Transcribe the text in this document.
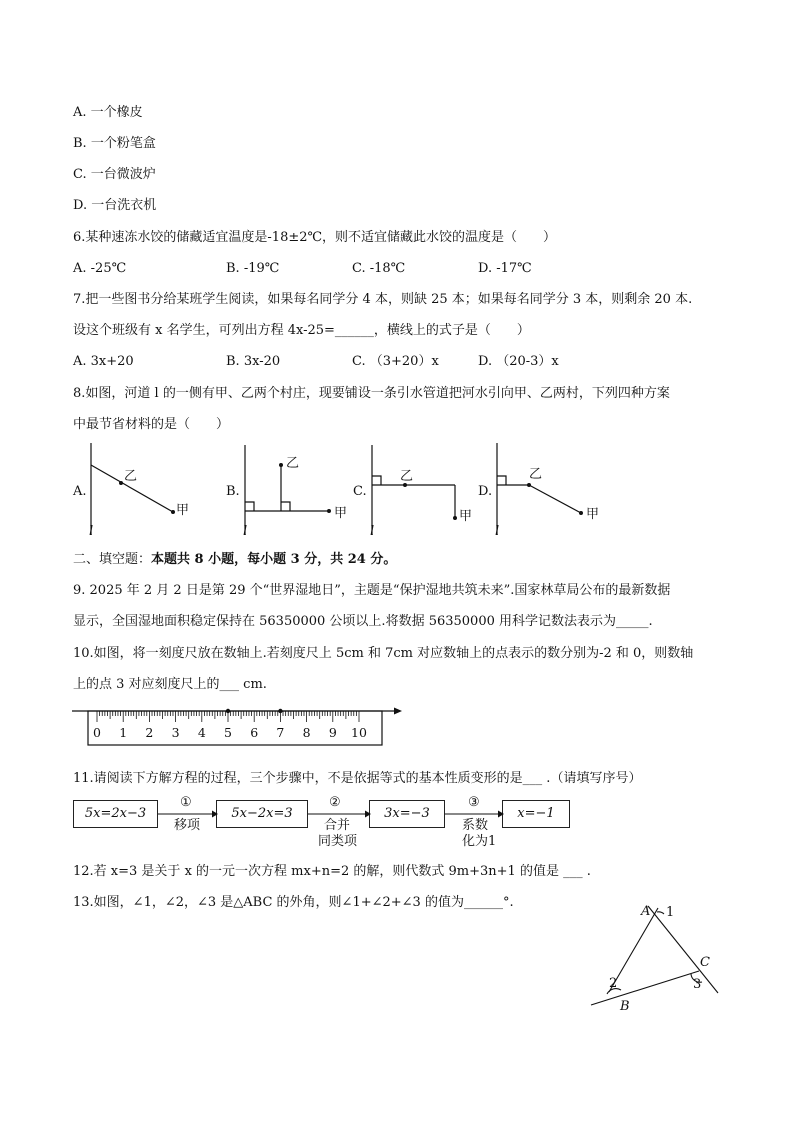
A. 一个橡皮
B. 一个粉笔盒
C. 一台微波炉
D. 一台洗衣机
6.某种速冻水饺的储藏适宜温度是-18±2℃，则不适宜储藏此水饺的温度是（　　）
A. -25℃	B. -19℃	C. -18℃	D. -17℃
7.把一些图书分给某班学生阅读，如果每名同学分 4 本，则缺 25 本；如果每名同学分 3 本，则剩余 20 本.
设这个班级有 x 名学生，可列出方程 4x-25=______，横线上的式子是（　　）
A. 3x+20	B. 3x-20	C. （3+20）x	D. （20-3）x
8.如图，河道 l 的一侧有甲、乙两个村庄，现要铺设一条引水管道把河水引向甲、乙两村，下列四种方案
中最节省材料的是（　　）
A.
l
乙
甲
B.
l
乙
甲
C.
l
乙
甲
D.
l
乙
甲
二、填空题：本题共 8 小题，每小题 3 分，共 24 分。
9. 2025 年 2 月 2 日是第 29 个“世界湿地日”，主题是“保护湿地共筑未来”.国家林草局公布的最新数据
显示，全国湿地面积稳定保持在 56350000 公顷以上.将数据 56350000 用科学记数法表示为_____.
10.如图，将一刻度尺放在数轴上.若刻度尺上 5cm 和 7cm 对应数轴上的点表示的数分别为-2 和 0，则数轴
上的点 3 对应刻度尺上的___ cm.
0 1 2 3 4 5 6 7 8 9 10
11.请阅读下方解方程的过程，三个步骤中，不是依据等式的基本性质变形的是___ .（请填写序号）
5x=2x−3	5x−2x=3	3x=−3	x=−1
①
移项
②
合并
同类项
③
系数
化为1
12.若 x=3 是关于 x 的一元一次方程 mx+n=2 的解，则代数式 9m+3n+1 的值是 ___ .
13.如图，∠1，∠2，∠3 是△ABC 的外角，则∠1+∠2+∠3 的值为______°.
A 1
2
B
C
3
